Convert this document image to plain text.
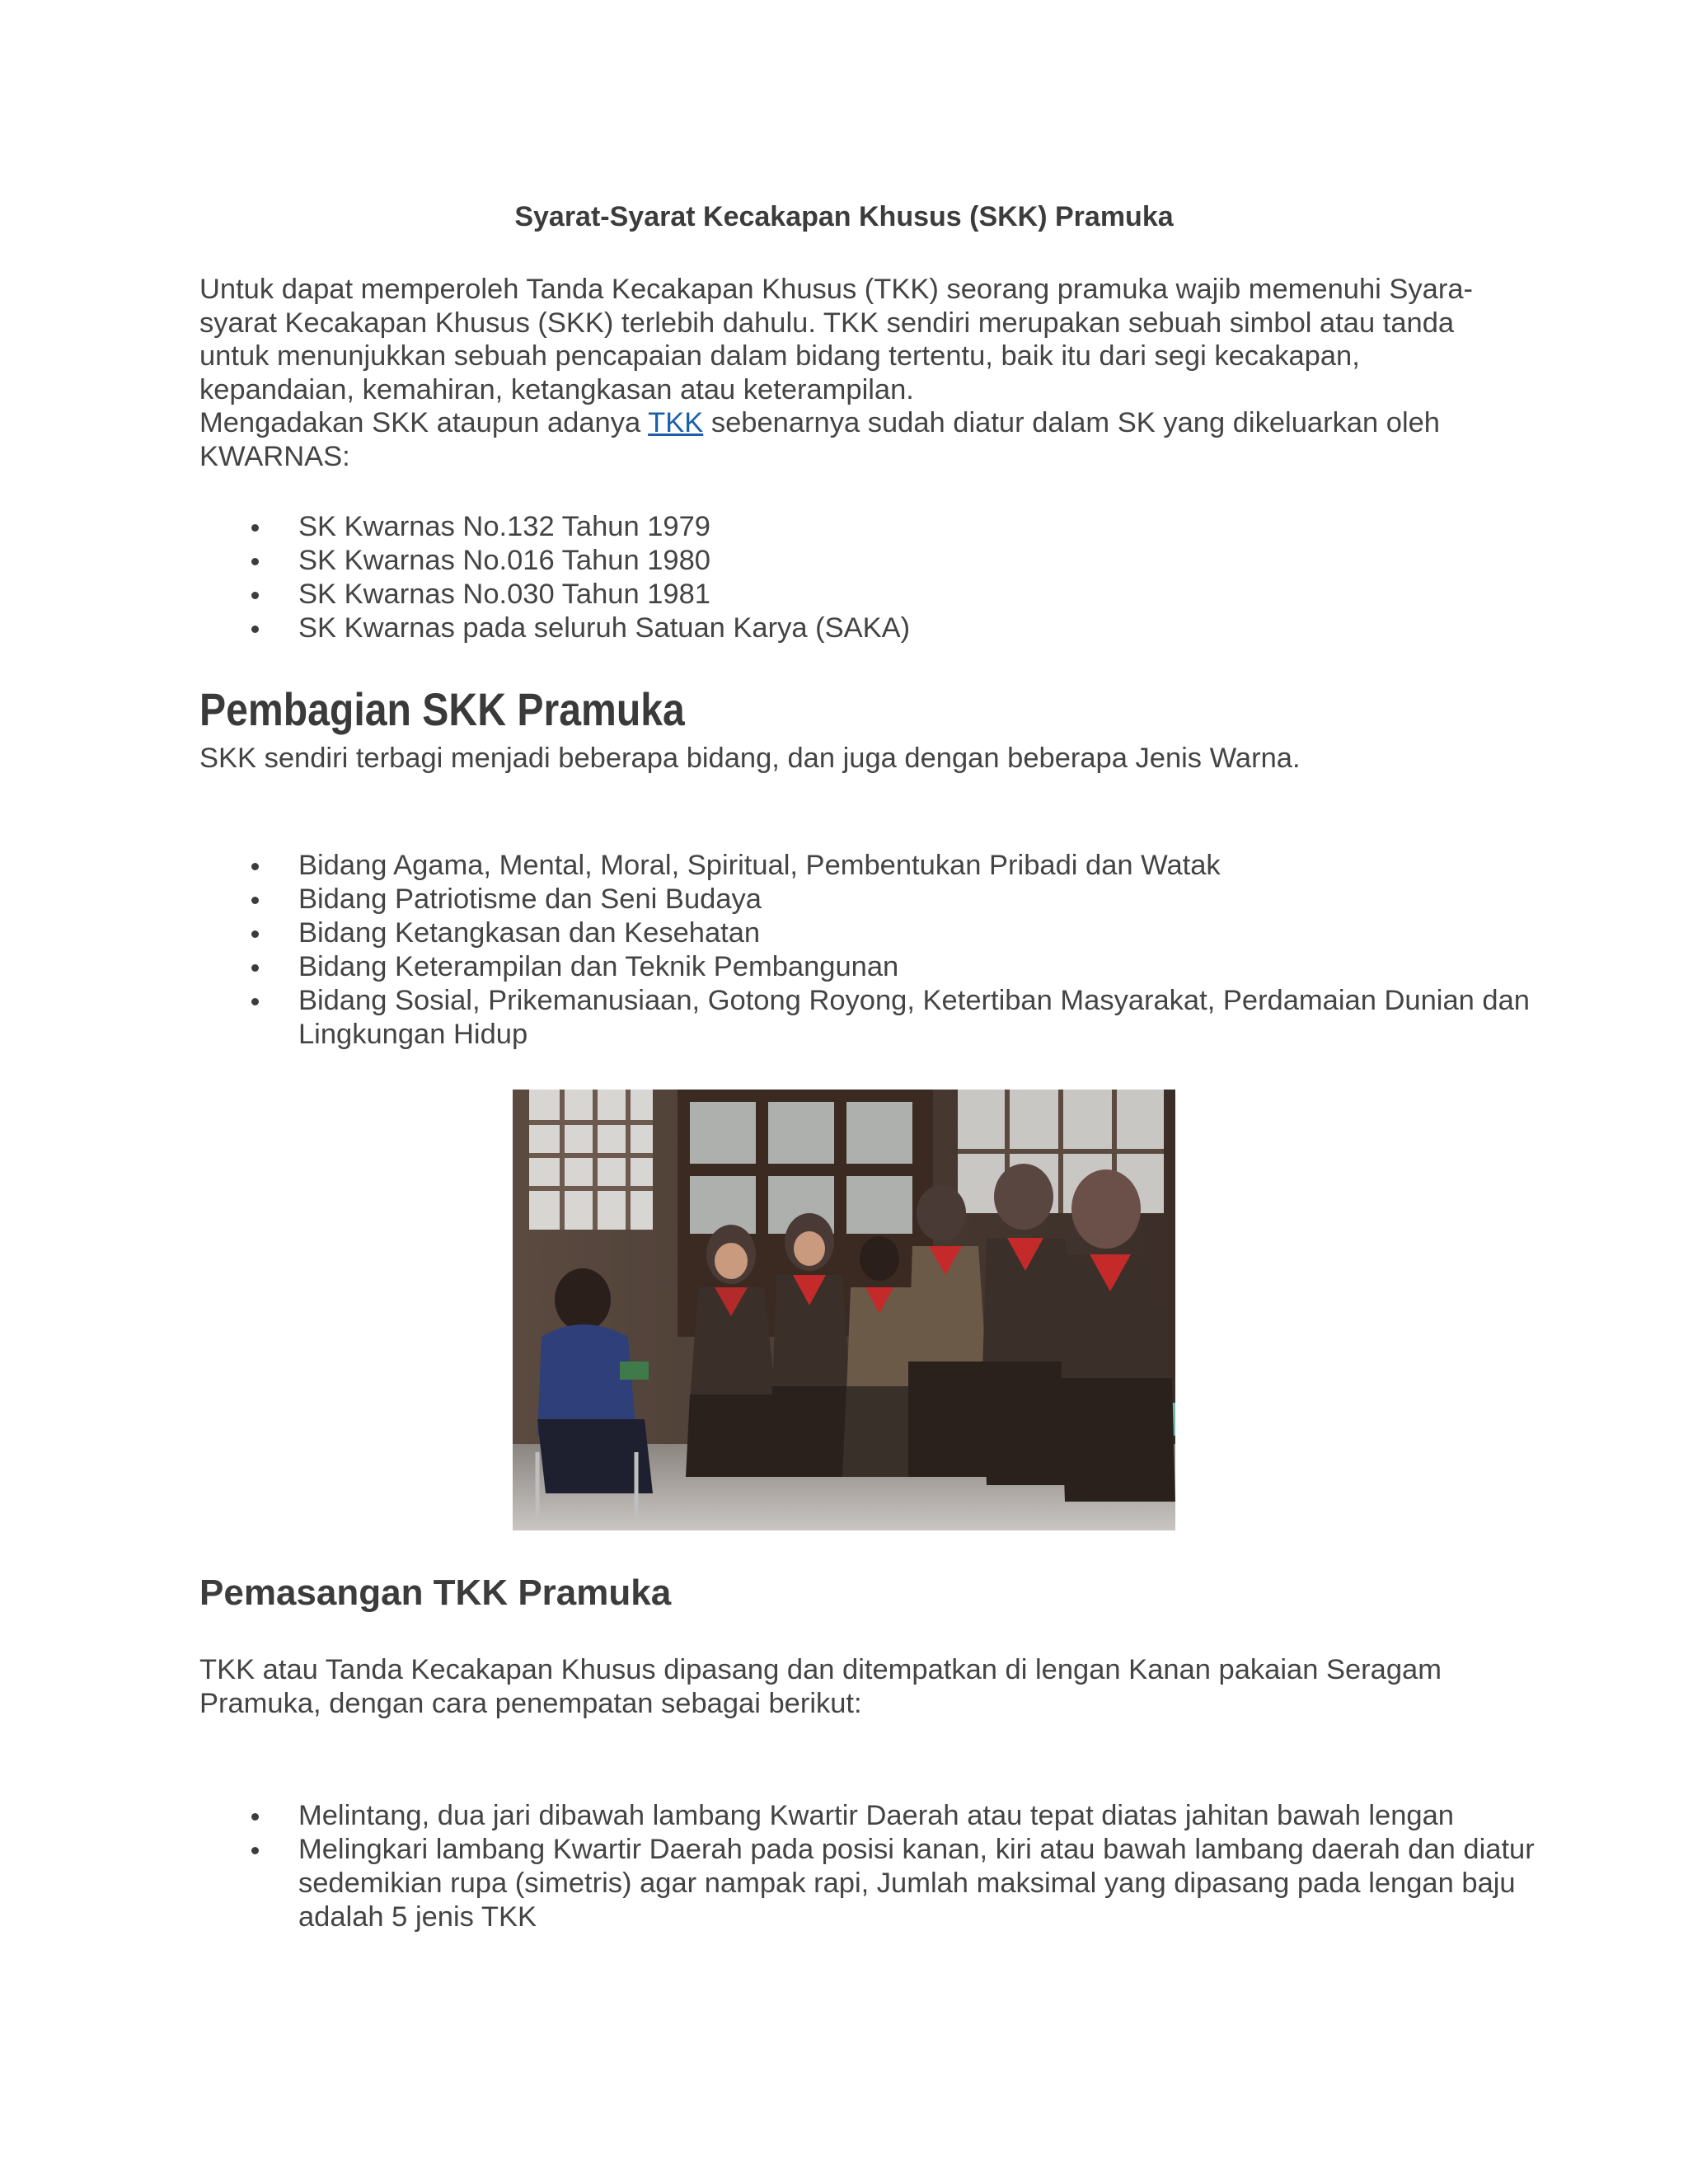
Syarat-Syarat Kecakapan Khusus (SKK) Pramuka

Untuk dapat memperoleh Tanda Kecakapan Khusus (TKK) seorang pramuka wajib memenuhi Syara-syarat Kecakapan Khusus (SKK) terlebih dahulu. TKK sendiri merupakan sebuah simbol atau tanda untuk menunjukkan sebuah pencapaian dalam bidang tertentu, baik itu dari segi kecakapan, kepandaian, kemahiran, ketangkasan atau keterampilan.

Mengadakan SKK ataupun adanya TKK sebenarnya sudah diatur dalam SK yang dikeluarkan oleh KWARNAS:

SK Kwarnas No.132 Tahun 1979
SK Kwarnas No.016 Tahun 1980
SK Kwarnas No.030 Tahun 1981
SK Kwarnas pada seluruh Satuan Karya (SAKA)
Pembagian SKK Pramuka

SKK sendiri terbagi menjadi beberapa bidang, dan juga dengan beberapa Jenis Warna.

Bidang Agama, Mental, Moral, Spiritual, Pembentukan Pribadi dan Watak
Bidang Patriotisme dan Seni Budaya
Bidang Ketangkasan dan Kesehatan
Bidang Keterampilan dan Teknik Pembangunan
Bidang Sosial, Prikemanusiaan, Gotong Royong, Ketertiban Masyarakat, Perdamaian Dunian dan Lingkungan Hidup
Pemasangan TKK Pramuka

TKK atau Tanda Kecakapan Khusus dipasang dan ditempatkan di lengan Kanan pakaian Seragam Pramuka, dengan cara penempatan sebagai berikut:

Melintang, dua jari dibawah lambang Kwartir Daerah atau tepat diatas jahitan bawah lengan
Melingkari lambang Kwartir Daerah pada posisi kanan, kiri atau bawah lambang daerah dan diatur sedemikian rupa (simetris) agar nampak rapi, Jumlah maksimal yang dipasang pada lengan baju adalah 5 jenis TKK
